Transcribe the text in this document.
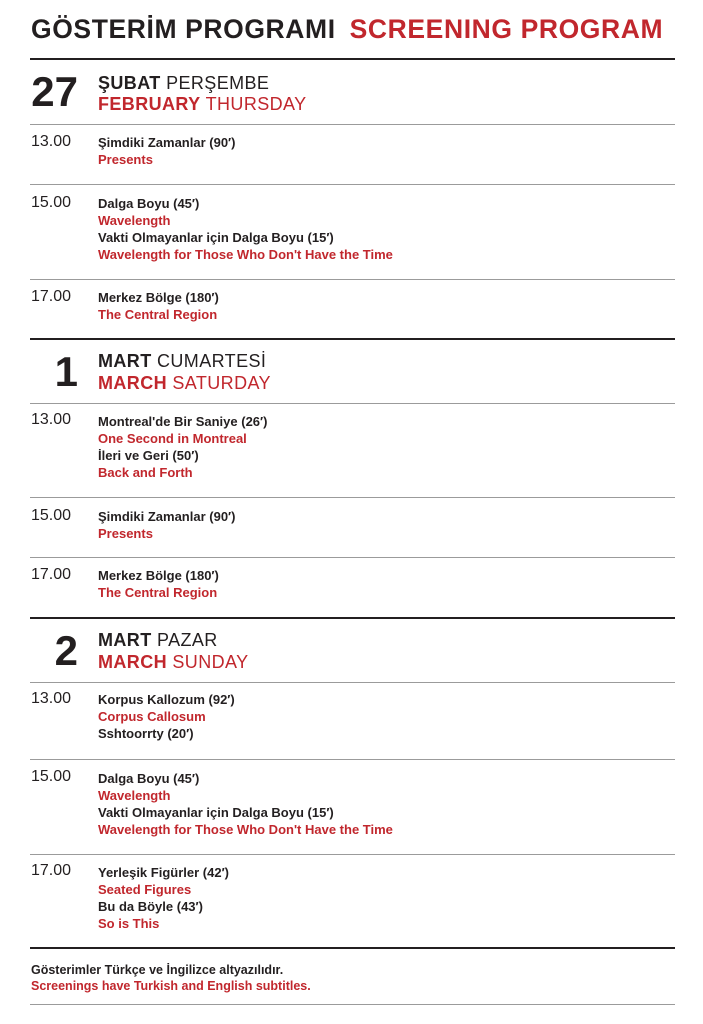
GÖSTERİM PROGRAMI SCREENING PROGRAM
27 ŞUBAT PERŞEMBE
FEBRUARY THURSDAY
13.00 Şimdiki Zamanlar (90′)
Presents
15.00 Dalga Boyu (45′)
Wavelength
Vakti Olmayanlar için Dalga Boyu (15′)
Wavelength for Those Who Don't Have the Time
17.00 Merkez Bölge (180′)
The Central Region
1 MART CUMARTESİ
MARCH SATURDAY
13.00 Montreal'de Bir Saniye (26′)
One Second in Montreal
İleri ve Geri (50′)
Back and Forth
15.00 Şimdiki Zamanlar (90′)
Presents
17.00 Merkez Bölge (180′)
The Central Region
2 MART PAZAR
MARCH SUNDAY
13.00 Korpus Kallozum (92′)
Corpus Callosum
Sshtoorrty (20′)
15.00 Dalga Boyu (45′)
Wavelength
Vakti Olmayanlar için Dalga Boyu (15′)
Wavelength for Those Who Don't Have the Time
17.00 Yerleşik Figürler (42′)
Seated Figures
Bu da Böyle (43′)
So is This
Gösterimler Türkçe ve İngilizce altyazılıdır.
Screenings have Turkish and English subtitles.
